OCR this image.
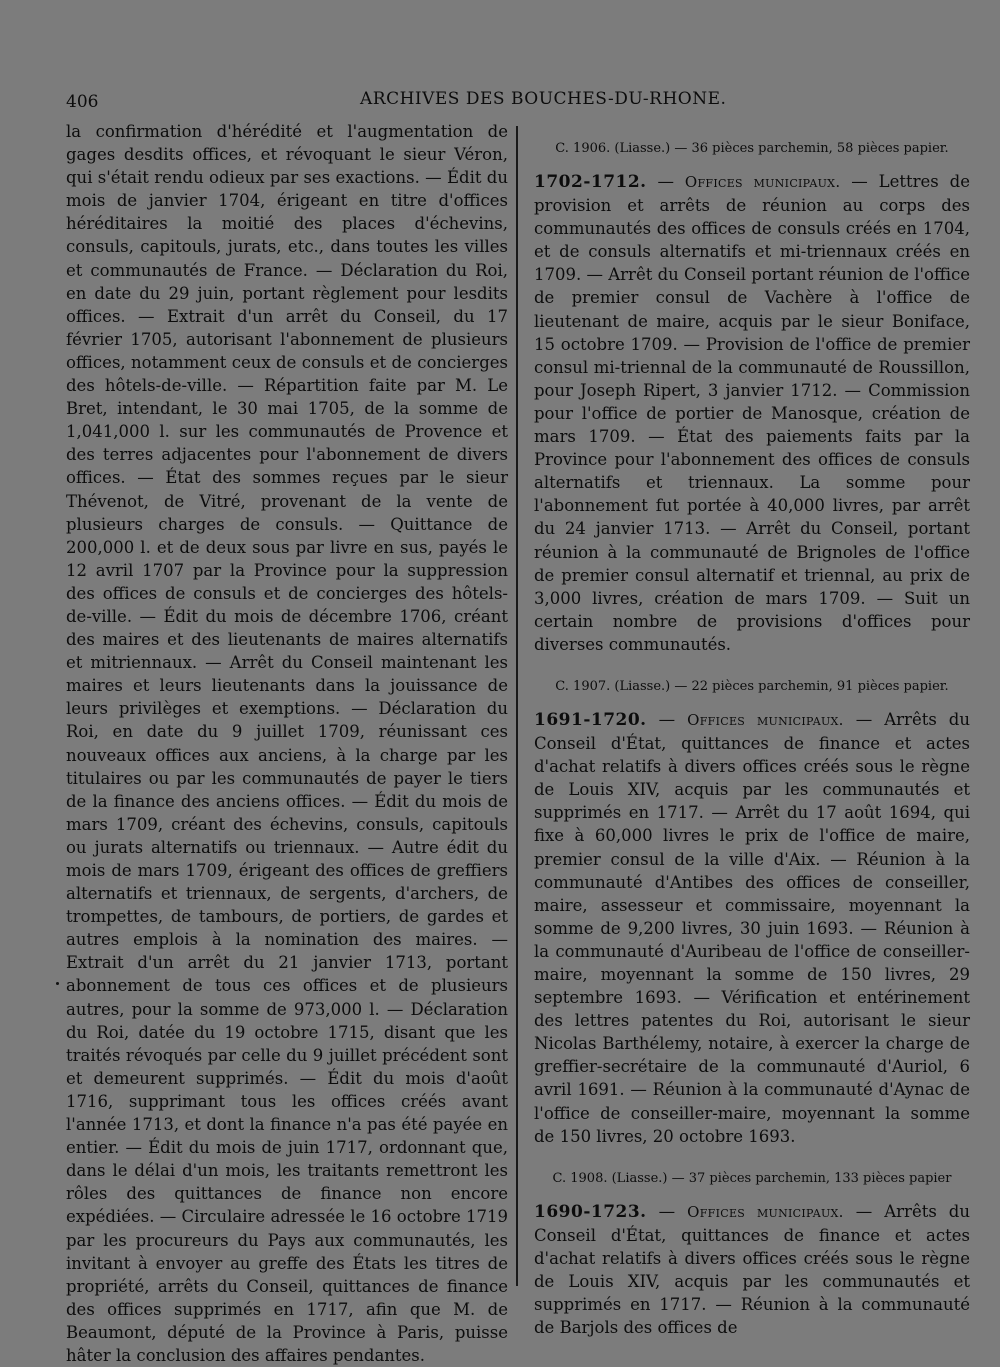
406	ARCHIVES DES BOUCHES-DU-RHONE.

la confirmation d'hérédité et l'augmentation de gages desdits offices, et révoquant le sieur Véron, qui s'était rendu odieux par ses exactions. — Édit du mois de janvier 1704, érigeant en titre d'offices héréditaires la moitié des places d'échevins, consuls, capitouls, jurats, etc., dans toutes les villes et communautés de France. — Déclaration du Roi, en date du 29 juin, portant règlement pour lesdits offices. — Extrait d'un arrêt du Conseil, du 17 février 1705, autorisant l'abonnement de plusieurs offices, notamment ceux de consuls et de concierges des hôtels-de-ville. — Répartition faite par M. Le Bret, intendant, le 30 mai 1705, de la somme de 1,041,000 l. sur les communautés de Provence et des terres adjacentes pour l'abonnement de divers offices. — État des sommes reçues par le sieur Thévenot, de Vitré, provenant de la vente de plusieurs charges de consuls. — Quittance de 200,000 l. et de deux sous par livre en sus, payés le 12 avril 1707 par la Province pour la suppression des offices de consuls et de concierges des hôtels-de-ville. — Édit du mois de décembre 1706, créant des maires et des lieutenants de maires alternatifs et mitriennaux. — Arrêt du Conseil maintenant les maires et leurs lieutenants dans la jouissance de leurs privilèges et exemptions. — Déclaration du Roi, en date du 9 juillet 1709, réunissant ces nouveaux offices aux anciens, à la charge par les titulaires ou par les communautés de payer le tiers de la finance des anciens offices. — Édit du mois de mars 1709, créant des échevins, consuls, capitouls ou jurats alternatifs ou triennaux. — Autre édit du mois de mars 1709, érigeant des offices de greffiers alternatifs et triennaux, de sergents, d'archers, de trompettes, de tambours, de portiers, de gardes et autres emplois à la nomination des maires. — Extrait d'un arrêt du 21 janvier 1713, portant abonnement de tous ces offices et de plusieurs autres, pour la somme de 973,000 l. — Déclaration du Roi, datée du 19 octobre 1715, disant que les traités révoqués par celle du 9 juillet précédent sont et demeurent supprimés. — Édit du mois d'août 1716, supprimant tous les offices créés avant l'année 1713, et dont la finance n'a pas été payée en entier. — Édit du mois de juin 1717, ordonnant que, dans le délai d'un mois, les traitants remettront les rôles des quittances de finance non encore expédiées. — Circulaire adressée le 16 octobre 1719 par les procureurs du Pays aux communautés, les invitant à envoyer au greffe des États les titres de propriété, arrêts du Conseil, quittances de finance des offices supprimés en 1717, afin que M. de Beaumont, député de la Province à Paris, puisse hâter la conclusion des affaires pendantes.

C. 1906. (Liasse.) — 36 pièces parchemin, 58 pièces papier.

1702-1712. — Offices municipaux. — Lettres de provision et arrêts de réunion au corps des communautés des offices de consuls créés en 1704, et de consuls alternatifs et mi-triennaux créés en 1709. — Arrêt du Conseil portant réunion de l'office de premier consul de Vachère à l'office de lieutenant de maire, acquis par le sieur Boniface, 15 octobre 1709. — Provision de l'office de premier consul mi-triennal de la communauté de Roussillon, pour Joseph Ripert, 3 janvier 1712. — Commission pour l'office de portier de Manosque, création de mars 1709. — État des paiements faits par la Province pour l'abonnement des offices de consuls alternatifs et triennaux. La somme pour l'abonnement fut portée à 40,000 livres, par arrêt du 24 janvier 1713. — Arrêt du Conseil, portant réunion à la communauté de Brignoles de l'office de premier consul alternatif et triennal, au prix de 3,000 livres, création de mars 1709. — Suit un certain nombre de provisions d'offices pour diverses communautés.

C. 1907. (Liasse.) — 22 pièces parchemin, 91 pièces papier.

1691-1720. — Offices municipaux. — Arrêts du Conseil d'État, quittances de finance et actes d'achat relatifs à divers offices créés sous le règne de Louis XIV, acquis par les communautés et supprimés en 1717. — Arrêt du 17 août 1694, qui fixe à 60,000 livres le prix de l'office de maire, premier consul de la ville d'Aix. — Réunion à la communauté d'Antibes des offices de conseiller, maire, assesseur et commissaire, moyennant la somme de 9,200 livres, 30 juin 1693. — Réunion à la communauté d'Auribeau de l'office de conseiller-maire, moyennant la somme de 150 livres, 29 septembre 1693. — Vérification et entérinement des lettres patentes du Roi, autorisant le sieur Nicolas Barthélemy, notaire, à exercer la charge de greffier-secrétaire de la communauté d'Auriol, 6 avril 1691. — Réunion à la communauté d'Aynac de l'office de conseiller-maire, moyennant la somme de 150 livres, 20 octobre 1693.

C. 1908. (Liasse.) — 37 pièces parchemin, 133 pièces papier

1690-1723. — Offices municipaux. — Arrêts du Conseil d'État, quittances de finance et actes d'achat relatifs à divers offices créés sous le règne de Louis XIV, acquis par les communautés et supprimés en 1717. — Réunion à la communauté de Barjols des offices de
